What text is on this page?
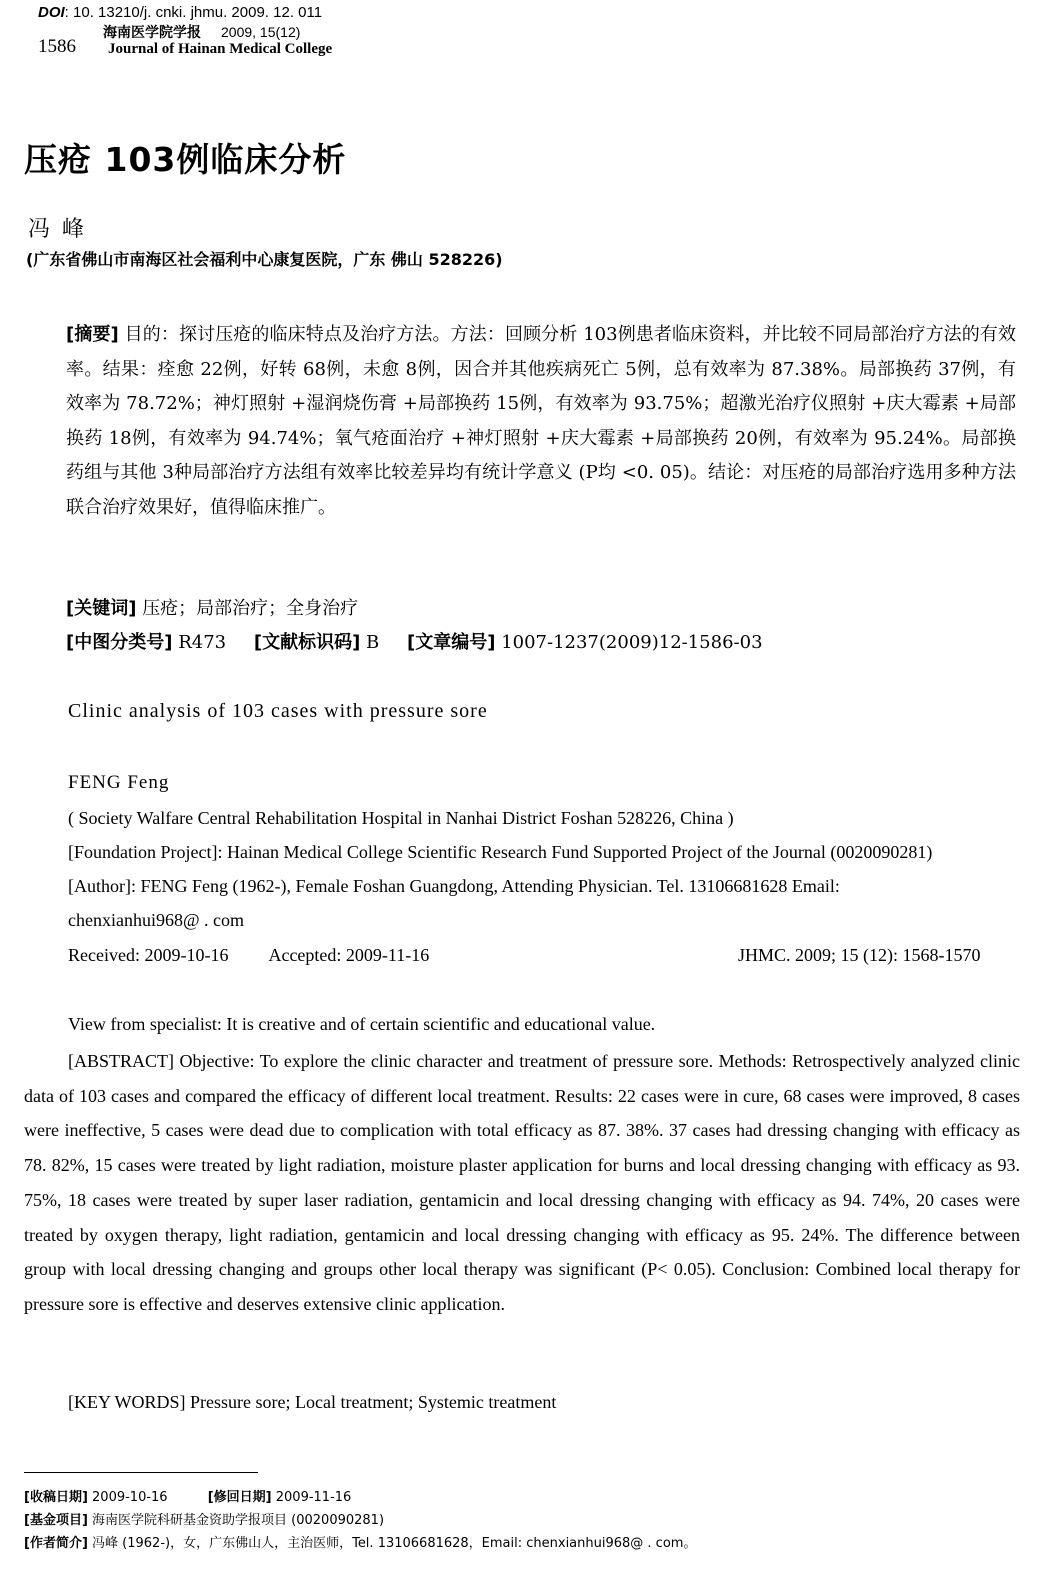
DOI: 10. 13210/j. cnki. jhmu. 2009. 12. 011
海南医学院学报 2009, 15(12)
1586 Journal of Hainan Medical College
压疮 103例临床分析
冯峰
(广东省佛山市南海区社会福利中心康复医院，广东 佛山 528226)
[摘要] 目的：探讨压疮的临床特点及治疗方法。方法：回顾分析 103例患者临床资料，并比较不同局部治疗方法的有效率。结果：痊愈 22例，好转 68例，未愈 8例，因合并其他疾病死亡 5例，总有效率为 87.38%。局部换药 37例，有效率为 78.72%；神灯照射 +湿润烧伤膏 +局部换药 15例，有效率为 93.75%；超激光治疗仪照射 +庆大霉素 +局部换药 18例，有效率为 94.74%；氧气疮面治疗 +神灯照射 +庆大霉素 +局部换药 20例，有效率为 95.24%。局部换药组与其他 3种局部治疗方法组有效率比较差异均有统计学意义 (P均 <0. 05)。结论：对压疮的局部治疗选用多种方法联合治疗效果好，值得临床推广。
[关键词] 压疮；局部治疗；全身治疗
[中图分类号] R473 [文献标识码] B [文章编号] 1007-1237(2009)12-1586-03
Clinic analysis of 103 cases with pressure sore
FENG Feng
( Society Walfare Central Rehabilitation Hospital in Nanhai District Foshan 528226, China )
[Foundation Project]: Hainan Medical College Scientific Research Fund Supported Project of the Journal (0020090281)
[Author]: FENG Feng (1962-), Female Foshan Guangdong, Attending Physician. Tel. 13106681628 Email:
chenxianhui968@ . com
Received: 2009-10-16 Accepted: 2009-11-16	JHMC. 2009; 15 (12): 1568-1570
View from specialist: It is creative and of certain scientific and educational value.
[ABSTRACT] Objective: To explore the clinic character and treatment of pressure sore. Methods: Retrospectively analyzed clinic data of 103 cases and compared the efficacy of different local treatment. Results: 22 cases were in cure, 68 cases were improved, 8 cases were ineffective, 5 cases were dead due to complication with total efficacy as 87. 38%. 37 cases had dressing changing with efficacy as 78. 82%, 15 cases were treated by light radiation, moisture plaster application for burns and local dressing changing with efficacy as 93. 75%, 18 cases were treated by super laser radiation, gentamicin and local dressing changing with efficacy as 94. 74%, 20 cases were treated by oxygen therapy, light radiation, gentamicin and local dressing changing with efficacy as 95. 24%. The difference between group with local dressing changing and groups other local therapy was significant (P< 0.05). Conclusion: Combined local therapy for pressure sore is effective and deserves extensive clinic application.
[KEY WORDS] Pressure sore; Local treatment; Systemic treatment
[收稿日期] 2009-10-16	[修回日期] 2009-11-16
[基金项目] 海南医学院科研基金资助学报项目 (0020090281)
[作者简介] 冯峰 (1962-)，女，广东佛山人，主治医师，Tel. 13106681628，Email: chenxianhui968@ . com。
